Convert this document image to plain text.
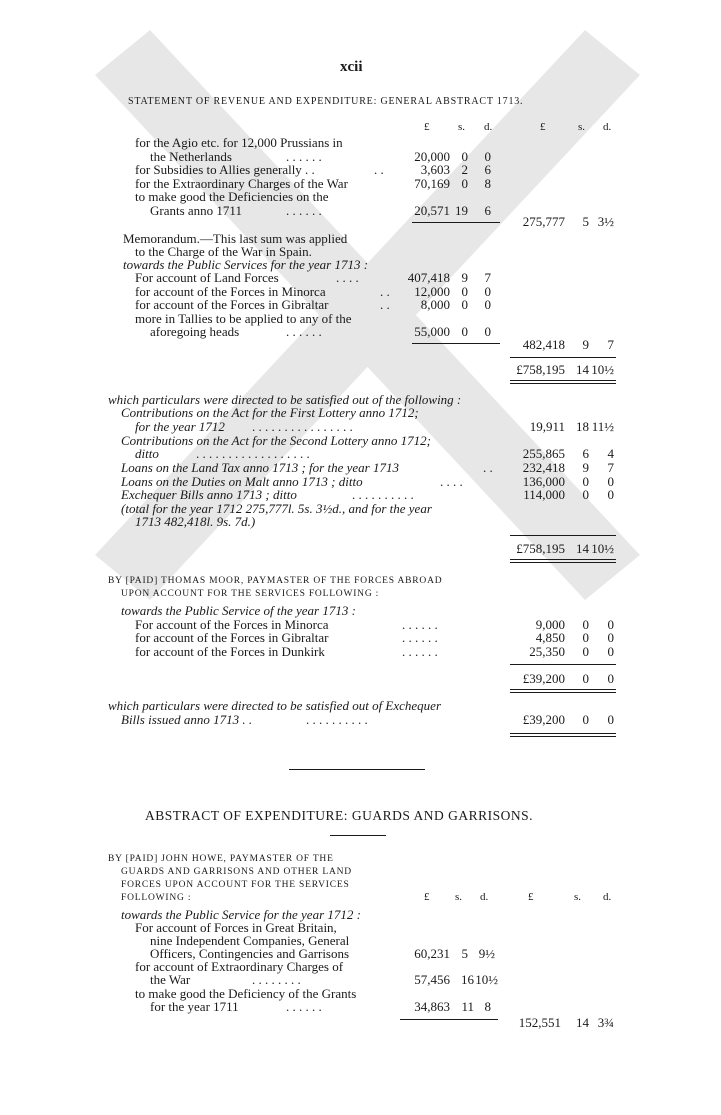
xcii
STATEMENT OF REVENUE AND EXPENDITURE: GENERAL ABSTRACT 1713.
£	s. d.	£	s. d.
for the Agio etc. for 12,000 Prussians in
the Netherlands	. . . . . .	20,000 0 0
for Subsidies to Allies generally . .	. .	3,603 2 6
for the Extraordinary Charges of the War	70,169 0 8
to make good the Deficiencies on the
Grants anno 1711	. . . . . .	20,571 19 6
275,777 5 3½
Memorandum.—This last sum was applied
to the Charge of the War in Spain.
towards the Public Services for the year 1713 :
For account of Land Forces	. . . .	407,418 9 7
for account of the Forces in Minorca	. . 12,000 0 0
for account of the Forces in Gibraltar	. . 8,000 0 0
more in Tallies to be applied to any of the
aforegoing heads	. . . . . .	55,000 0 0
482,418 9 7
£758,195 14 10½
which particulars were directed to be satisfied out of the following :
Contributions on the Act for the First Lottery anno 1712;
for the year 1712 . . . . . . . . . . . . . . . .	19,911 18 11½
Contributions on the Act for the Second Lottery anno 1712;
ditto	. . . . . . . . . . . . . . . . . .	255,865 6 4
Loans on the Land Tax anno 1713 ; for the year 1713	. . 232,418 9 7
Loans on the Duties on Malt anno 1713 ; ditto	. . . .	136,000 0 0
Exchequer Bills anno 1713 ; ditto	. . . . . . . . . .	114,000 0 0
(total for the year 1712 275,777l. 5s. 3½d., and for the year
1713 482,418l. 9s. 7d.)
£758,195 14 10½
BY [PAID] THOMAS MOOR, PAYMASTER OF THE FORCES ABROAD
UPON ACCOUNT FOR THE SERVICES FOLLOWING :
towards the Public Service of the year 1713 :
For account of the Forces in Minorca	. . . . . .	9,000 0 0
for account of the Forces in Gibraltar	. . . . . .	4,850 0 0
for account of the Forces in Dunkirk	. . . . . .	25,350 0 0
£39,200 0 0
which particulars were directed to be satisfied out of Exchequer
Bills issued anno 1713 . .	. . . . . . . . . .	£39,200 0 0
ABSTRACT OF EXPENDITURE: GUARDS AND GARRISONS.
BY [PAID] JOHN HOWE, PAYMASTER OF THE
GUARDS AND GARRISONS AND OTHER LAND
FORCES UPON ACCOUNT FOR THE SERVICES
FOLLOWING :	£ s. d.	£	s. d.
towards the Public Service for the year 1712 :
For account of Forces in Great Britain,
nine Independent Companies, General
Officers, Contingencies and Garrisons	60,231 5 9½
for account of Extraordinary Charges of
the War	. . . . . . . .	57,456 16 10½
to make good the Deficiency of the Grants
for the year 1711	. . . . . .	34,863 11 8
152,551 14 3¾
